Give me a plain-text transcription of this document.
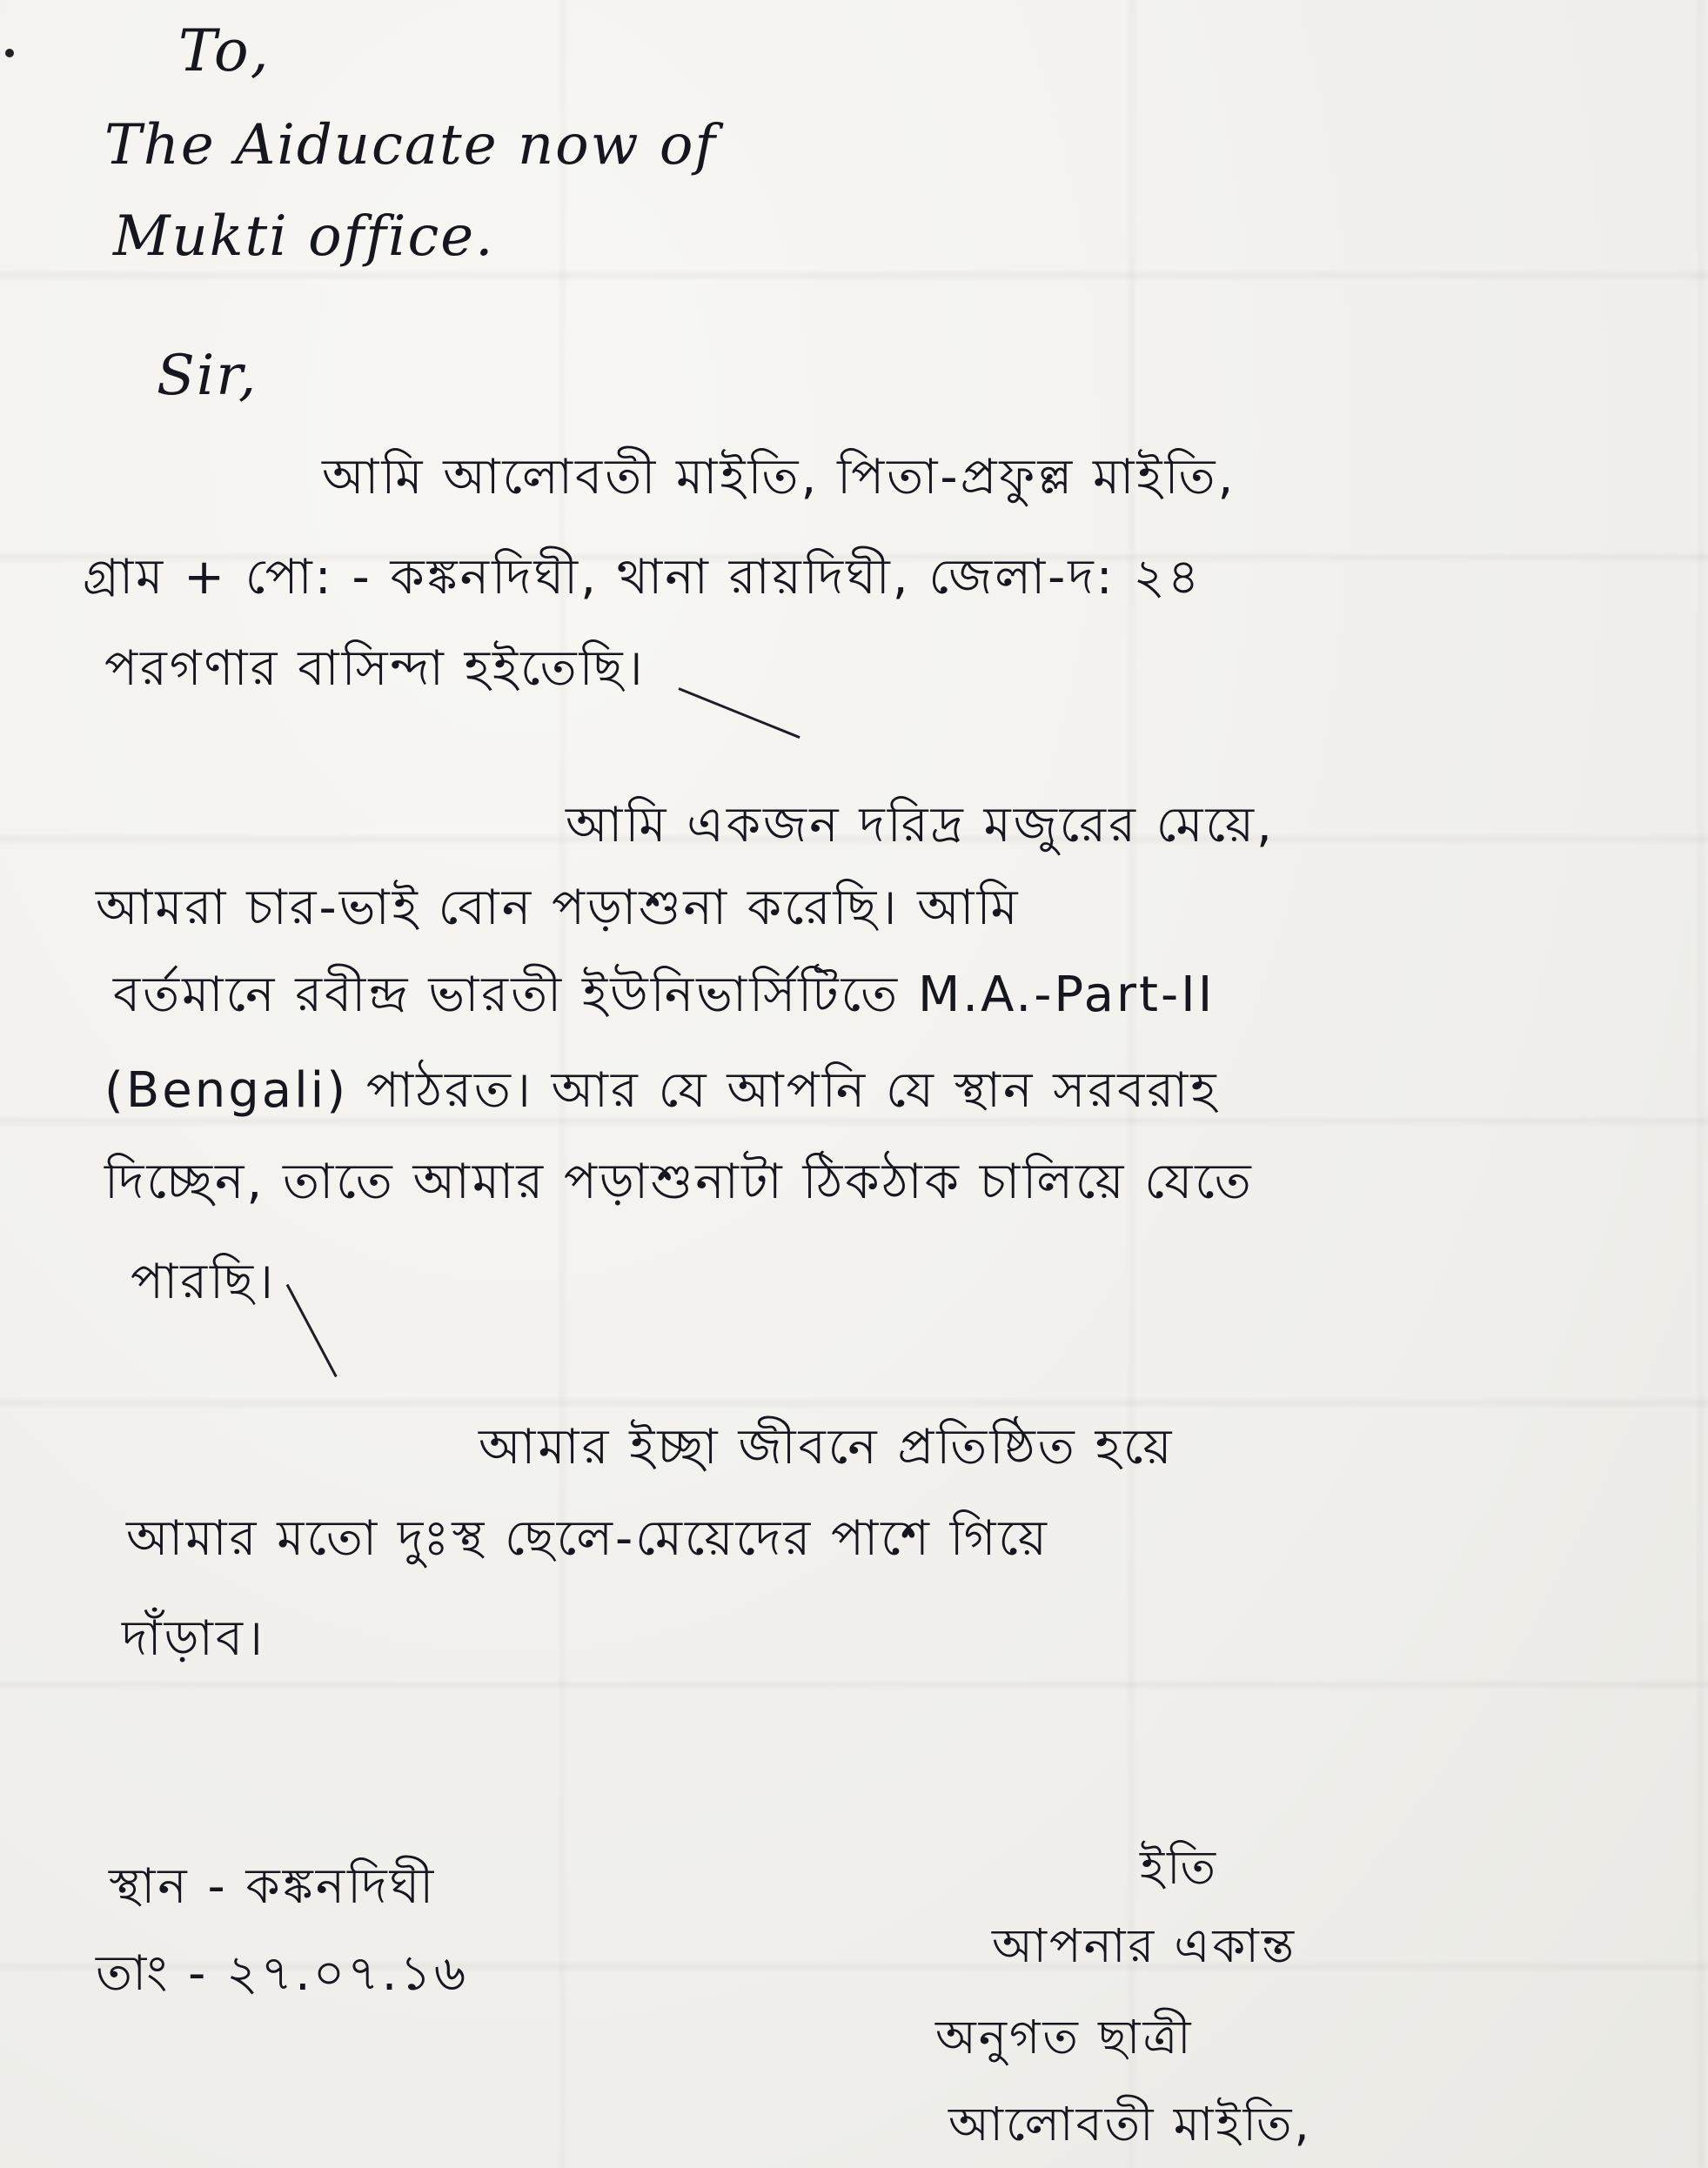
To,
The Aiducate now of
Mukti office.
Sir,
আমি আলোবতী মাইতি, পিতা-প্রফুল্ল মাইতি,
গ্রাম + পো: - কঙ্কনদিঘী, থানা রায়দিঘী, জেলা-দ: ২৪
পরগণার বাসিন্দা হইতেছি।
আমি একজন দরিদ্র মজুরের মেয়ে,
আমরা চার-ভাই বোন পড়াশুনা করেছি। আমি
বর্তমানে রবীন্দ্র ভারতী ইউনিভার্সিটিতে M.A.-Part-II
(Bengali) পাঠরত। আর যে আপনি যে স্থান সরবরাহ
দিচ্ছেন, তাতে আমার পড়াশুনাটা ঠিকঠাক চালিয়ে যেতে
পারছি।
আমার ইচ্ছা জীবনে প্রতিষ্ঠিত হয়ে
আমার মতো দুঃস্থ ছেলে-মেয়েদের পাশে গিয়ে
দাঁড়াব।
স্থান - কঙ্কনদিঘী
তাং - ২৭.০৭.১৬
ইতি
আপনার একান্ত
অনুগত ছাত্রী
আলোবতী মাইতি,
